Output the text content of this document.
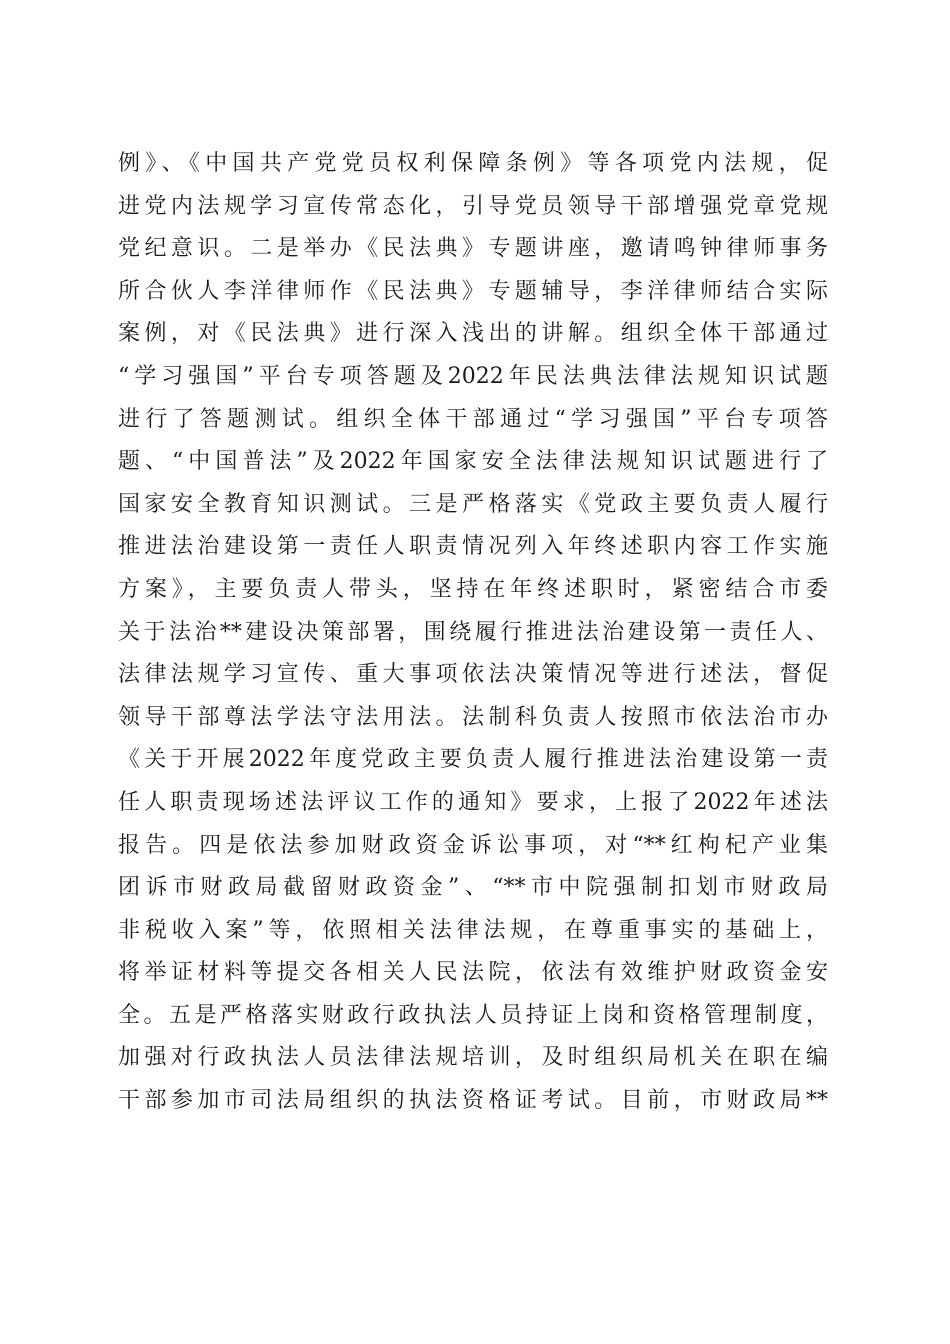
例》、《中国共产党党员权利保障条例》等各项党内法规，促
进党内法规学习宣传常态化，引导党员领导干部增强党章党规
党纪意识。二是举办《民法典》专题讲座，邀请鸣钟律师事务
所合伙人李洋律师作《民法典》专题辅导，李洋律师结合实际
案例，对《民法典》进行深入浅出的讲解。组织全体干部通过
“学习强国”平台专项答题及2022年民法典法律法规知识试题
进行了答题测试。组织全体干部通过“学习强国”平台专项答
题、“中国普法”及2022年国家安全法律法规知识试题进行了
国家安全教育知识测试。三是严格落实《党政主要负责人履行
推进法治建设第一责任人职责情况列入年终述职内容工作实施
方案》，主要负责人带头，坚持在年终述职时，紧密结合市委
关于法治**建设决策部署，围绕履行推进法治建设第一责任人、
法律法规学习宣传、重大事项依法决策情况等进行述法，督促
领导干部尊法学法守法用法。法制科负责人按照市依法治市办
《关于开展2022年度党政主要负责人履行推进法治建设第一责
任人职责现场述法评议工作的通知》要求，上报了2022年述法
报告。四是依法参加财政资金诉讼事项，对“**红枸杞产业集
团诉市财政局截留财政资金”、“**市中院强制扣划市财政局
非税收入案”等，依照相关法律法规，在尊重事实的基础上，
将举证材料等提交各相关人民法院，依法有效维护财政资金安
全。五是严格落实财政行政执法人员持证上岗和资格管理制度，
加强对行政执法人员法律法规培训，及时组织局机关在职在编
干部参加市司法局组织的执法资格证考试。目前，市财政局**
